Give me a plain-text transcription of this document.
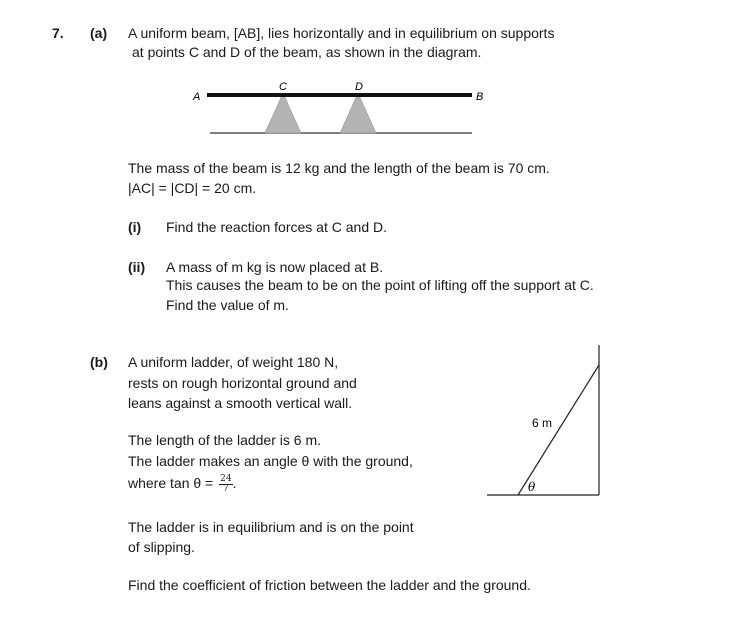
7. (a) A uniform beam, [AB], lies horizontally and in equilibrium on supports
at points C and D of the beam, as shown in the diagram.
A
C	D
B
The mass of the beam is 12 kg and the length of the beam is 70 cm.
|AC| = |CD| = 20 cm.
(i) Find the reaction forces at C and D.
(ii) A mass of m kg is now placed at B.
This causes the beam to be on the point of lifting off the support at C.
Find the value of m.
(b) A uniform ladder, of weight 180 N,
rests on rough horizontal ground and
leans against a smooth vertical wall.
The length of the ladder is 6 m.
The ladder makes an angle θ with the ground,
where $\tan \theta = \frac{24}{7}$ .
6 m
θ
The ladder is in equilibrium and is on the point
of slipping.
Find the coefficient of friction between the ladder and the ground.
